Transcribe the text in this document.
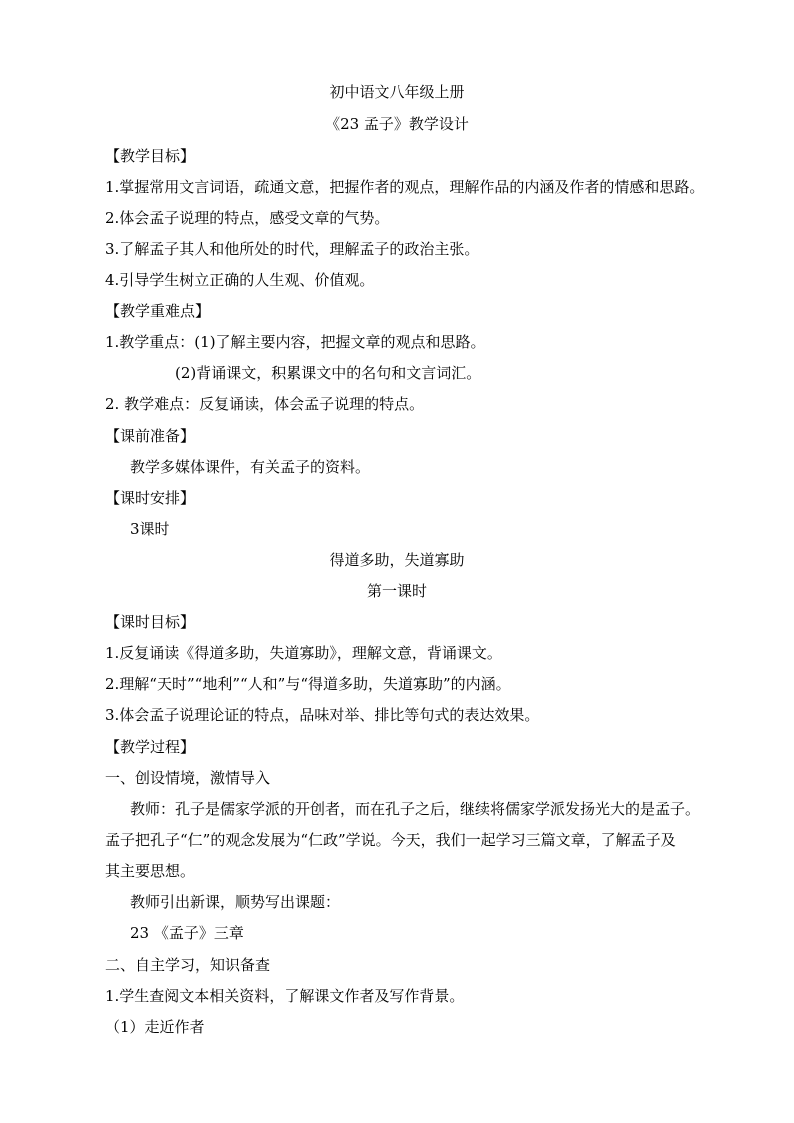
初中语文八年级上册
《23 孟子》教学设计
【教学目标】
1.掌握常用文言词语，疏通文意，把握作者的观点，理解作品的内涵及作者的情感和思路。
2.体会孟子说理的特点，感受文章的气势。
3.了解孟子其人和他所处的时代，理解孟子的政治主张。
4.引导学生树立正确的人生观、价值观。
【教学重难点】
1.教学重点：(1)了解主要内容，把握文章的观点和思路。
(2)背诵课文，积累课文中的名句和文言词汇。
2. 教学难点：反复诵读，体会孟子说理的特点。
【课前准备】
教学多媒体课件，有关孟子的资料。
【课时安排】
3课时
得道多助，失道寡助
第一课时
【课时目标】
1.反复诵读《得道多助，失道寡助》，理解文意，背诵课文。
2.理解“天时”“地利”“人和”与“得道多助，失道寡助”的内涵。
3.体会孟子说理论证的特点，品味对举、排比等句式的表达效果。
【教学过程】
一、创设情境，激情导入
教师：孔子是儒家学派的开创者，而在孔子之后，继续将儒家学派发扬光大的是孟子。
孟子把孔子“仁”的观念发展为“仁政”学说。今天，我们一起学习三篇文章，了解孟子及
其主要思想。
教师引出新课，顺势写出课题：
23 《孟子》三章
二、自主学习，知识备查
1.学生查阅文本相关资料，了解课文作者及写作背景。
（1）走近作者
